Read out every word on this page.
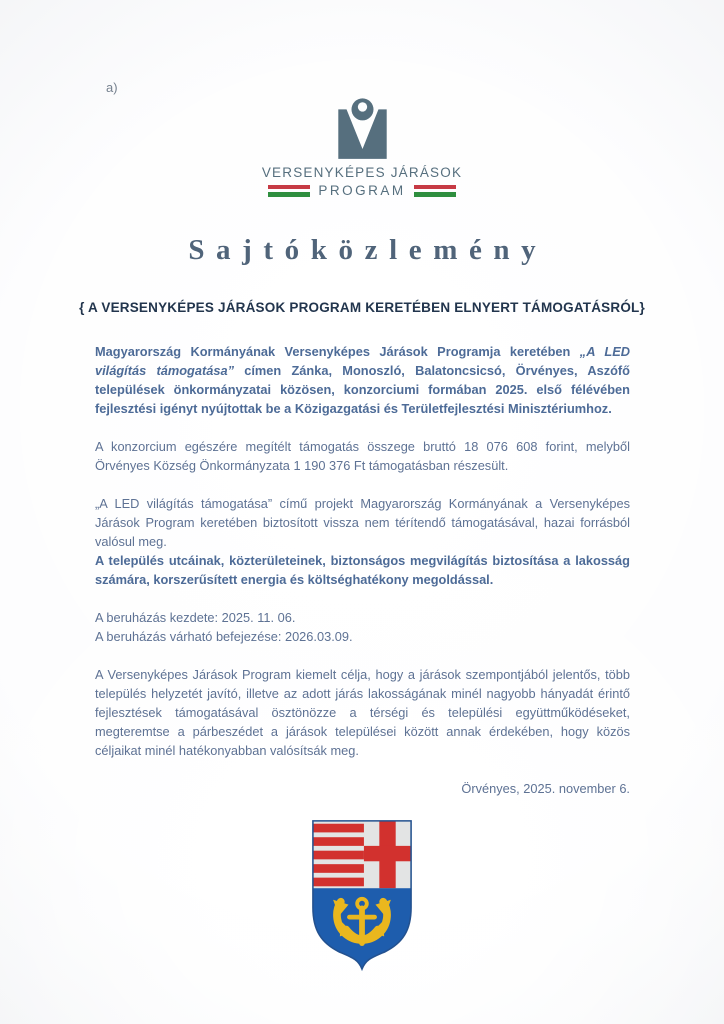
a)
VERSENYKÉPES JÁRÁSOK
PROGRAM
Sajtóközlemény
{ A VERSENYKÉPES JÁRÁSOK PROGRAM KERETÉBEN ELNYERT TÁMOGATÁSRÓL}

Magyarország Kormányának Versenyképes Járások Programja keretében „A LED világítás támogatása” címen Zánka, Monoszló, Balatoncsicsó, Örvényes, Aszófő települések önkormányzatai közösen, konzorciumi formában 2025. első félévében fejlesztési igényt nyújtottak be a Közigazgatási és Területfejlesztési Minisztériumhoz.

A konzorcium egészére megítélt támogatás összege bruttó 18 076 608 forint, melyből Örvényes Község Önkormányzata 1 190 376 Ft támogatásban részesült.

„A LED világítás támogatása” című projekt Magyarország Kormányának a Versenyképes Járások Program keretében biztosított vissza nem térítendő támogatásával, hazai forrásból valósul meg.
A település utcáinak, közterületeinek, biztonságos megvilágítás biztosítása a lakosság számára, korszerűsített energia és költséghatékony megoldással.

A beruházás kezdete: 2025. 11. 06.
A beruházás várható befejezése: 2026.03.09.

A Versenyképes Járások Program kiemelt célja, hogy a járások szempontjából jelentős, több település helyzetét javító, illetve az adott járás lakosságának minél nagyobb hányadát érintő fejlesztések támogatásával ösztönözze a térségi és települési együttműködéseket, megteremtse a párbeszédet a járások települései között annak érdekében, hogy közös céljaikat minél hatékonyabban valósítsák meg.

Örvényes, 2025. november 6.
